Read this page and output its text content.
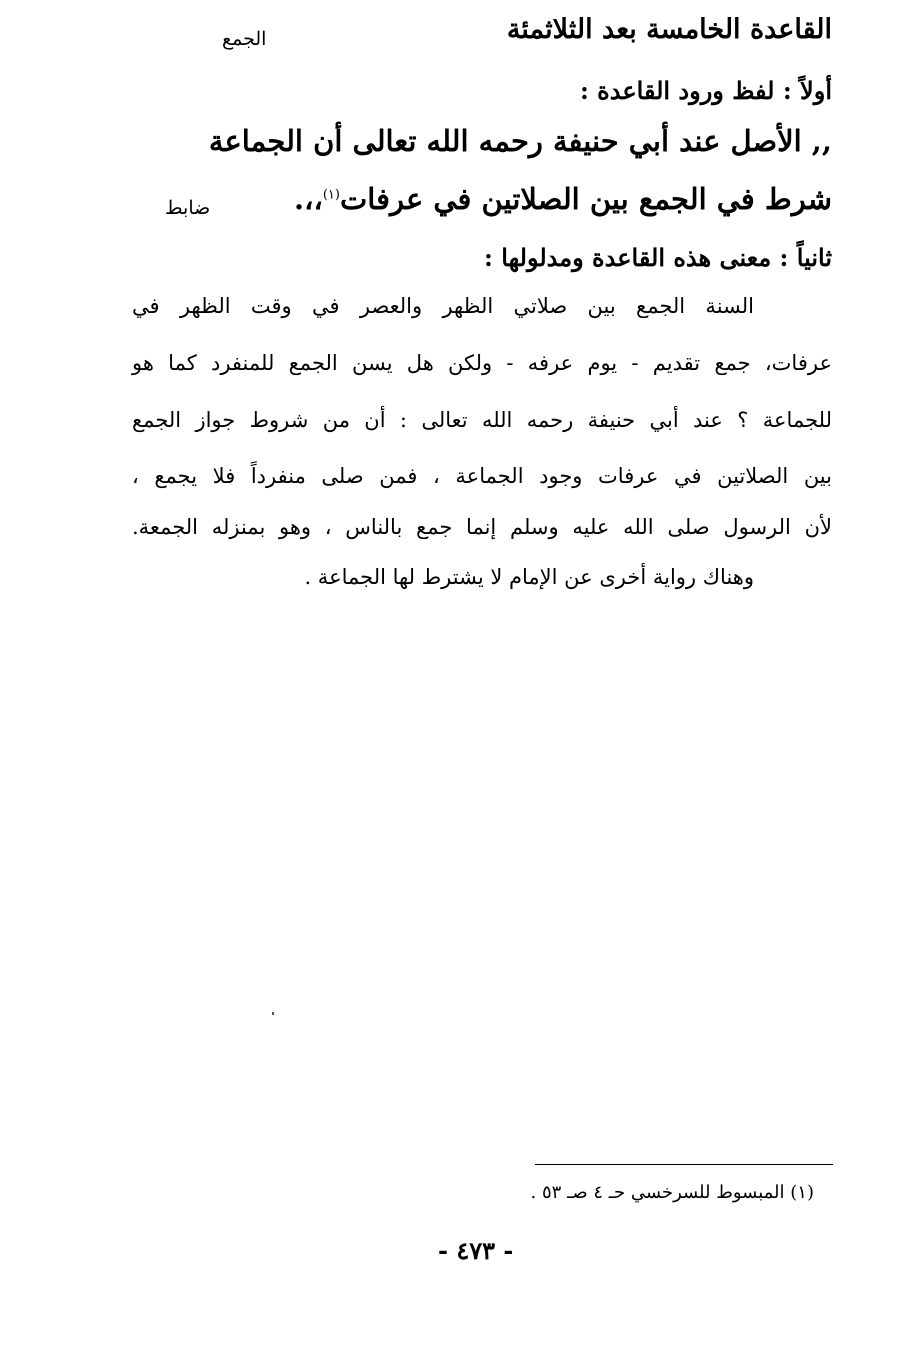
القاعدة الخامسة بعد الثلاثمئة
الجمع
أولاً : لفظ ورود القاعدة :
,, الأصل عند أبي حنيفة رحمه الله تعالى أن الجماعة
شرط في الجمع بين الصلاتين في عرفات$^{(١)}$،،.
ضابط
ثانياً : معنى هذه القاعدة ومدلولها :
السنة الجمع بين صلاتي الظهر والعصر في وقت الظهر في
عرفات، جمع تقديم - يوم عرفه - ولكن هل يسن الجمع للمنفرد كما هو
للجماعة ؟ عند أبي حنيفة رحمه الله تعالى : أن من شروط جواز الجمع
بين الصلاتين في عرفات وجود الجماعة ، فمن صلى منفرداً فلا يجمع ،
لأن الرسول صلى الله عليه وسلم إنما جمع بالناس ، وهو بمنزله الجمعة.
وهناك رواية أخرى عن الإمام لا يشترط لها الجماعة .
(١) المبسوط للسرخسي حـ ٤ صـ ٥٣ .
- ٤٧٣ -
